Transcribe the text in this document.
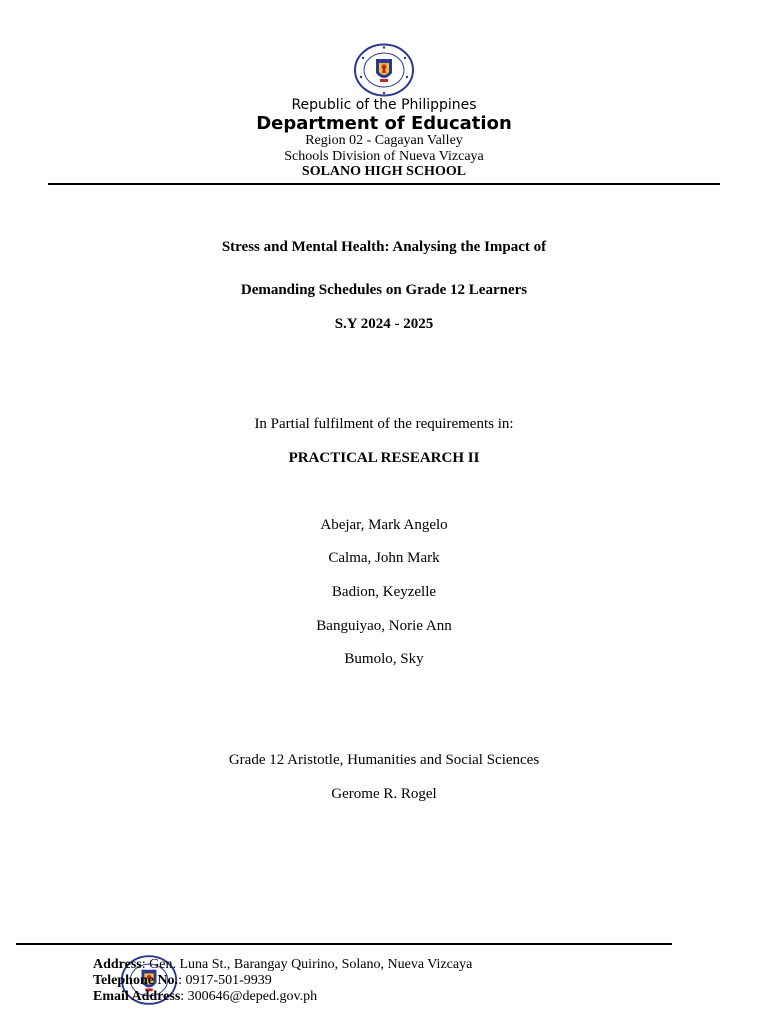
Republic of the Philippines
Department of Education
Region 02 - Cagayan Valley
Schools Division of Nueva Vizcaya
SOLANO HIGH SCHOOL
Stress and Mental Health: Analysing the Impact of
Demanding Schedules on Grade 12 Learners
S.Y 2024 - 2025
In Partial fulfilment of the requirements in:
PRACTICAL RESEARCH II
Abejar, Mark Angelo
Calma, John Mark
Badion, Keyzelle
Banguiyao, Norie Ann
Bumolo, Sky
Grade 12 Aristotle, Humanities and Social Sciences
Gerome R. Rogel
Address: Gen. Luna St., Barangay Quirino, Solano, Nueva Vizcaya
Telephone No.: 0917-501-9939
Email Address: 300646@deped.gov.ph
